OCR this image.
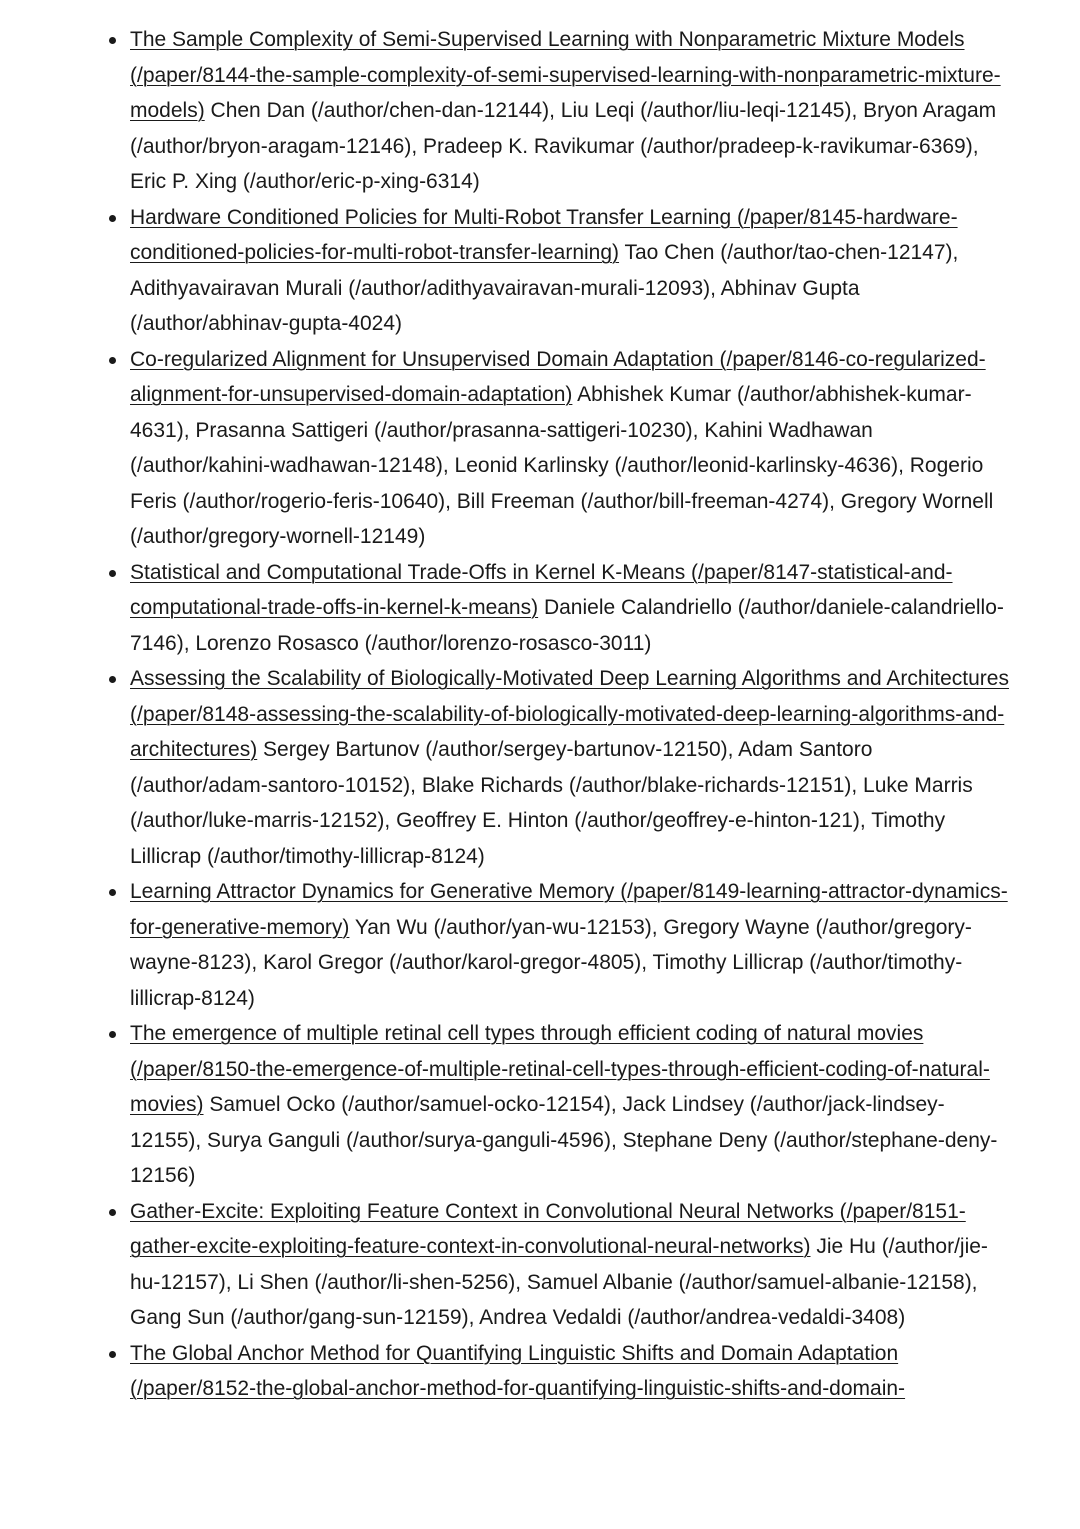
The Sample Complexity of Semi-Supervised Learning with Nonparametric Mixture Models (/paper/8144-the-sample-complexity-of-semi-supervised-learning-with-nonparametric-mixture-models) Chen Dan (/author/chen-dan-12144), Liu Leqi (/author/liu-leqi-12145), Bryon Aragam (/author/bryon-aragam-12146), Pradeep K. Ravikumar (/author/pradeep-k-ravikumar-6369), Eric P. Xing (/author/eric-p-xing-6314)
Hardware Conditioned Policies for Multi-Robot Transfer Learning (/paper/8145-hardware-conditioned-policies-for-multi-robot-transfer-learning) Tao Chen (/author/tao-chen-12147), Adithyavairavan Murali (/author/adithyavairavan-murali-12093), Abhinav Gupta (/author/abhinav-gupta-4024)
Co-regularized Alignment for Unsupervised Domain Adaptation (/paper/8146-co-regularized-alignment-for-unsupervised-domain-adaptation) Abhishek Kumar (/author/abhishek-kumar-4631), Prasanna Sattigeri (/author/prasanna-sattigeri-10230), Kahini Wadhawan (/author/kahini-wadhawan-12148), Leonid Karlinsky (/author/leonid-karlinsky-4636), Rogerio Feris (/author/rogerio-feris-10640), Bill Freeman (/author/bill-freeman-4274), Gregory Wornell (/author/gregory-wornell-12149)
Statistical and Computational Trade-Offs in Kernel K-Means (/paper/8147-statistical-and-computational-trade-offs-in-kernel-k-means) Daniele Calandriello (/author/daniele-calandriello-7146), Lorenzo Rosasco (/author/lorenzo-rosasco-3011)
Assessing the Scalability of Biologically-Motivated Deep Learning Algorithms and Architectures (/paper/8148-assessing-the-scalability-of-biologically-motivated-deep-learning-algorithms-and-architectures) Sergey Bartunov (/author/sergey-bartunov-12150), Adam Santoro (/author/adam-santoro-10152), Blake Richards (/author/blake-richards-12151), Luke Marris (/author/luke-marris-12152), Geoffrey E. Hinton (/author/geoffrey-e-hinton-121), Timothy Lillicrap (/author/timothy-lillicrap-8124)
Learning Attractor Dynamics for Generative Memory (/paper/8149-learning-attractor-dynamics-for-generative-memory) Yan Wu (/author/yan-wu-12153), Gregory Wayne (/author/gregory-wayne-8123), Karol Gregor (/author/karol-gregor-4805), Timothy Lillicrap (/author/timothy-lillicrap-8124)
The emergence of multiple retinal cell types through efficient coding of natural movies (/paper/8150-the-emergence-of-multiple-retinal-cell-types-through-efficient-coding-of-natural-movies) Samuel Ocko (/author/samuel-ocko-12154), Jack Lindsey (/author/jack-lindsey-12155), Surya Ganguli (/author/surya-ganguli-4596), Stephane Deny (/author/stephane-deny-12156)
Gather-Excite: Exploiting Feature Context in Convolutional Neural Networks (/paper/8151-gather-excite-exploiting-feature-context-in-convolutional-neural-networks) Jie Hu (/author/jie-hu-12157), Li Shen (/author/li-shen-5256), Samuel Albanie (/author/samuel-albanie-12158), Gang Sun (/author/gang-sun-12159), Andrea Vedaldi (/author/andrea-vedaldi-3408)
The Global Anchor Method for Quantifying Linguistic Shifts and Domain Adaptation (/paper/8152-the-global-anchor-method-for-quantifying-linguistic-shifts-and-domain-
